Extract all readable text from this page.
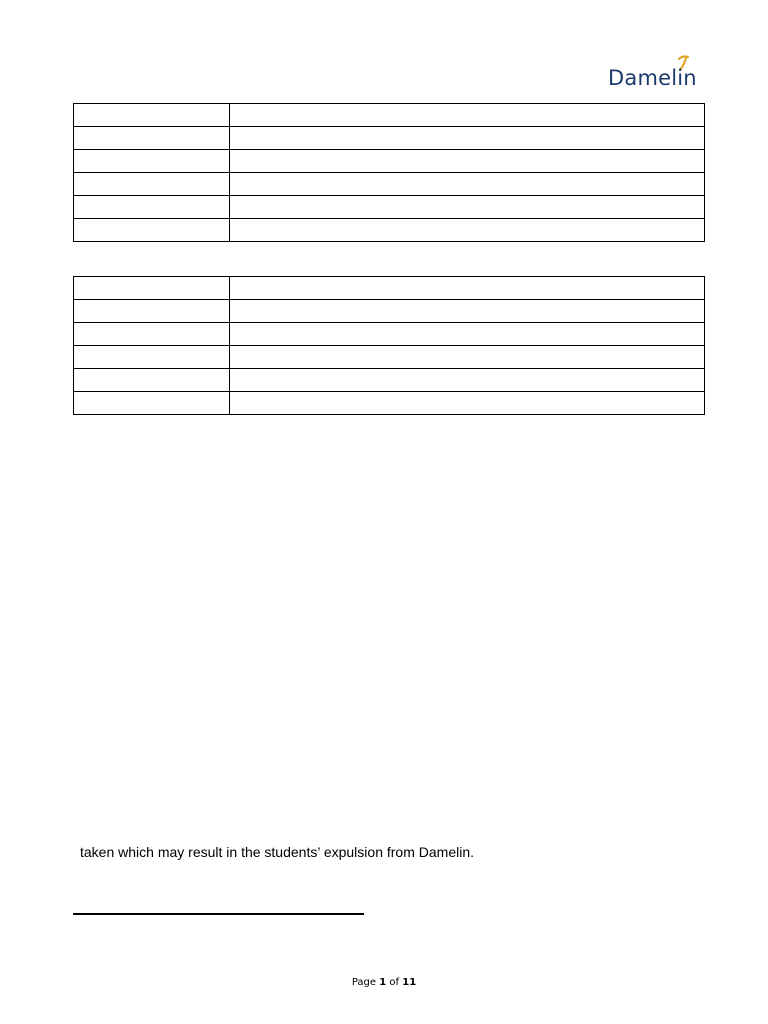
Damelin

taken which may result in the students’ expulsion from Damelin.
Page 1 of 11
